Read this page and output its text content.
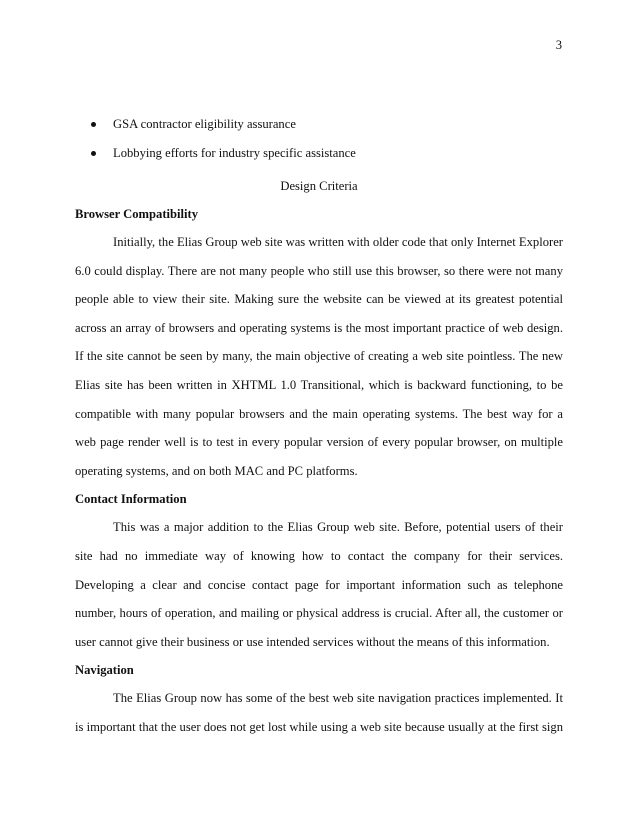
3
GSA contractor eligibility assurance
Lobbying efforts for industry specific assistance
Design Criteria
Browser Compatibility

Initially, the Elias Group web site was written with older code that only Internet Explorer
6.0 could display. There are not many people who still use this browser, so there were not many
people able to view their site. Making sure the website can be viewed at its greatest potential
across an array of browsers and operating systems is the most important practice of web design.
If the site cannot be seen by many, the main objective of creating a web site pointless. The new
Elias site has been written in XHTML 1.0 Transitional, which is backward functioning, to be
compatible with many popular browsers and the main operating systems. The best way for a
web page render well is to test in every popular version of every popular browser, on multiple
operating systems, and on both MAC and PC platforms.

Contact Information

This was a major addition to the Elias Group web site. Before, potential users of their
site had no immediate way of knowing how to contact the company for their services.
Developing a clear and concise contact page for important information such as telephone
number, hours of operation, and mailing or physical address is crucial. After all, the customer or
user cannot give their business or use intended services without the means of this information.

Navigation

The Elias Group now has some of the best web site navigation practices implemented. It
is important that the user does not get lost while using a web site because usually at the first sign
